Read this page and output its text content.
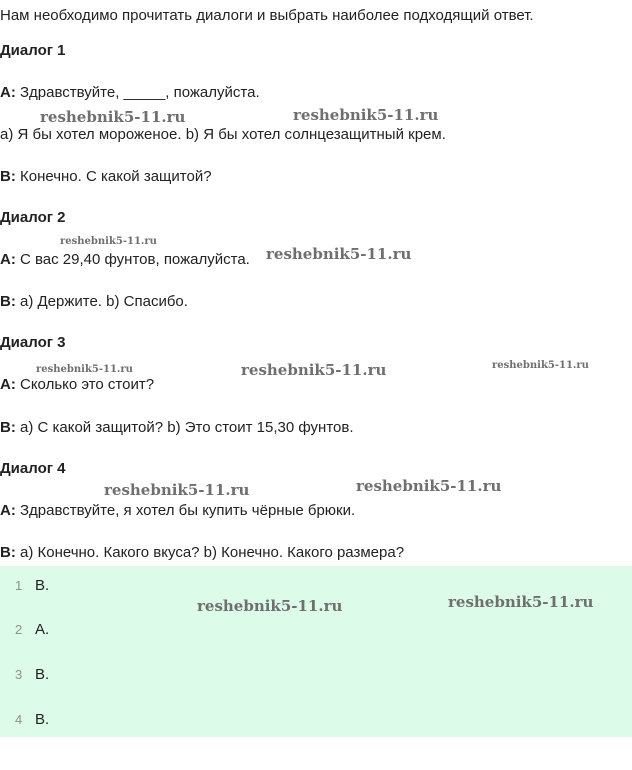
Нам необходимо прочитать диалоги и выбрать наиболее подходящий ответ.
Диалог 1
A: Здравствуйте, _____, пожалуйста.
a) Я бы хотел мороженое. b) Я бы хотел солнцезащитный крем.
B: Конечно. С какой защитой?
Диалог 2
A: С вас 29,40 фунтов, пожалуйста.
B: a) Держите. b) Спасибо.
Диалог 3
A: Сколько это стоит?
B: a) С какой защитой? b) Это стоит 15,30 фунтов.
Диалог 4
A: Здравствуйте, я хотел бы купить чёрные брюки.
B: a) Конечно. Какого вкуса? b) Конечно. Какого размера?
1 B.
2 A.
3 B.
4 B.
reshebnik5-11.ru	reshebnik5-11.ru
reshebnik5-11.ru
reshebnik5-11.ru
reshebnik5-11.ru	reshebnik5-11.ru	reshebnik5-11.ru
reshebnik5-11.ru	reshebnik5-11.ru
reshebnik5-11.ru	reshebnik5-11.ru
